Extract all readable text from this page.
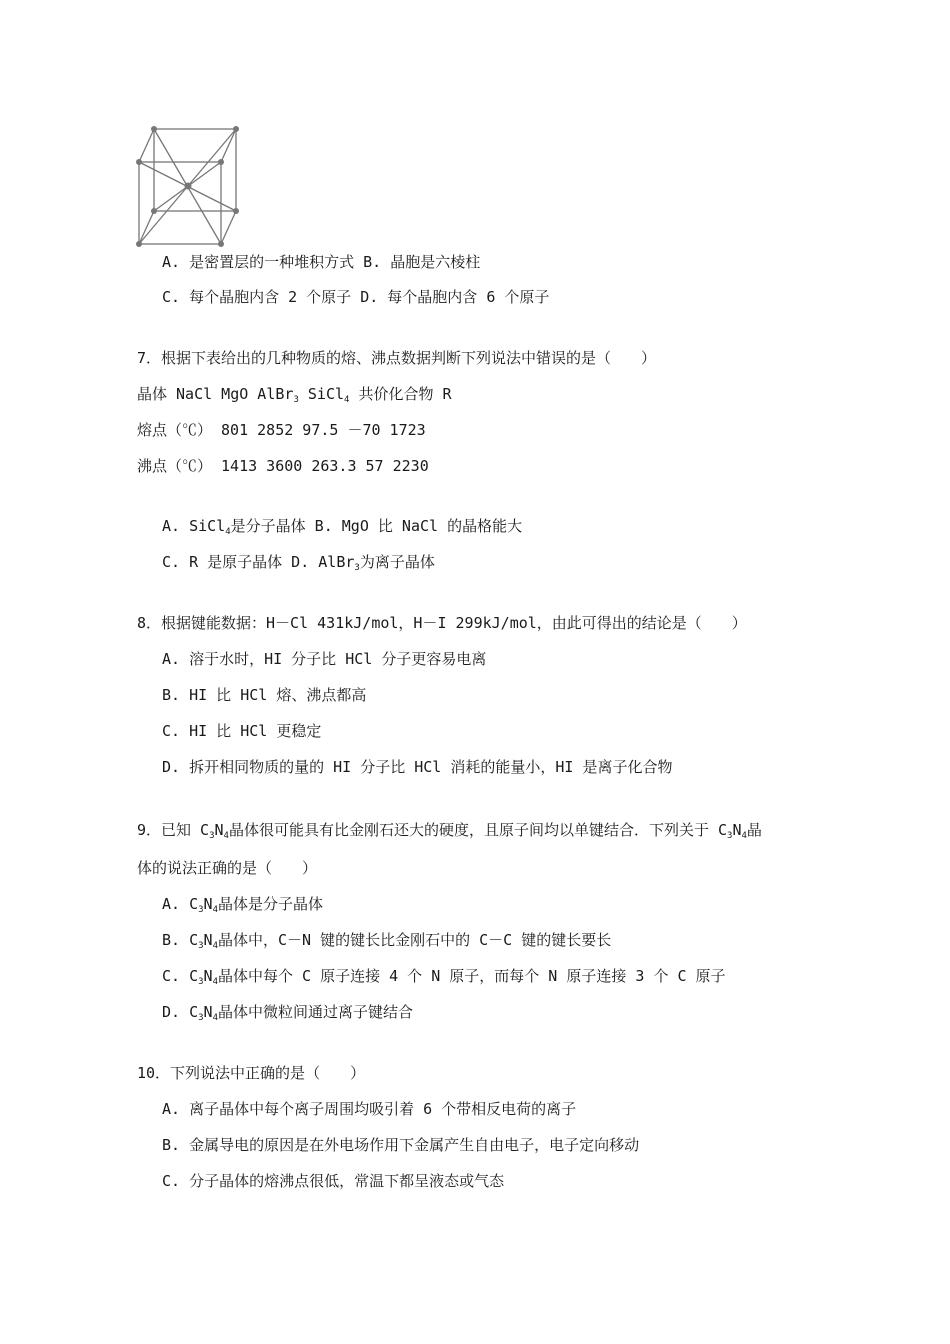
A. 是密置层的一种堆积方式 B. 晶胞是六棱柱
C. 每个晶胞内含 2 个原子 D. 每个晶胞内含 6 个原子
7．根据下表给出的几种物质的熔、沸点数据判断下列说法中错误的是（　　）
晶体 NaCl MgO AlBr$_3$ SiCl$_4$ 共价化合物 R
熔点（℃） 801 2852 97.5 －70 1723
沸点（℃） 1413 3600 263.3 57 2230
A. SiCl$_4$是分子晶体 B. MgO 比 NaCl 的晶格能大
C. R 是原子晶体 D. AlBr$_3$为离子晶体
8．根据键能数据：H－Cl 431kJ/mol，H－I 299kJ/mol，由此可得出的结论是（　　）
A. 溶于水时，HI 分子比 HCl 分子更容易电离
B. HI 比 HCl 熔、沸点都高
C. HI 比 HCl 更稳定
D. 拆开相同物质的量的 HI 分子比 HCl 消耗的能量小，HI 是离子化合物
9．已知 $C_3N_4$晶体很可能具有比金刚石还大的硬度，且原子间均以单键结合．下列关于 $C_3N_4$晶
体的说法正确的是（　　）
A. $C_3N_4$晶体是分子晶体
B. $C_3N_4$晶体中，C－N 键的键长比金刚石中的 C－C 键的键长要长
C. $C_3N_4$晶体中每个 C 原子连接 4 个 N 原子，而每个 N 原子连接 3 个 C 原子
D. $C_3N_4$晶体中微粒间通过离子键结合
10．下列说法中正确的是（　　）
A. 离子晶体中每个离子周围均吸引着 6 个带相反电荷的离子
B. 金属导电的原因是在外电场作用下金属产生自由电子，电子定向移动
C. 分子晶体的熔沸点很低，常温下都呈液态或气态
